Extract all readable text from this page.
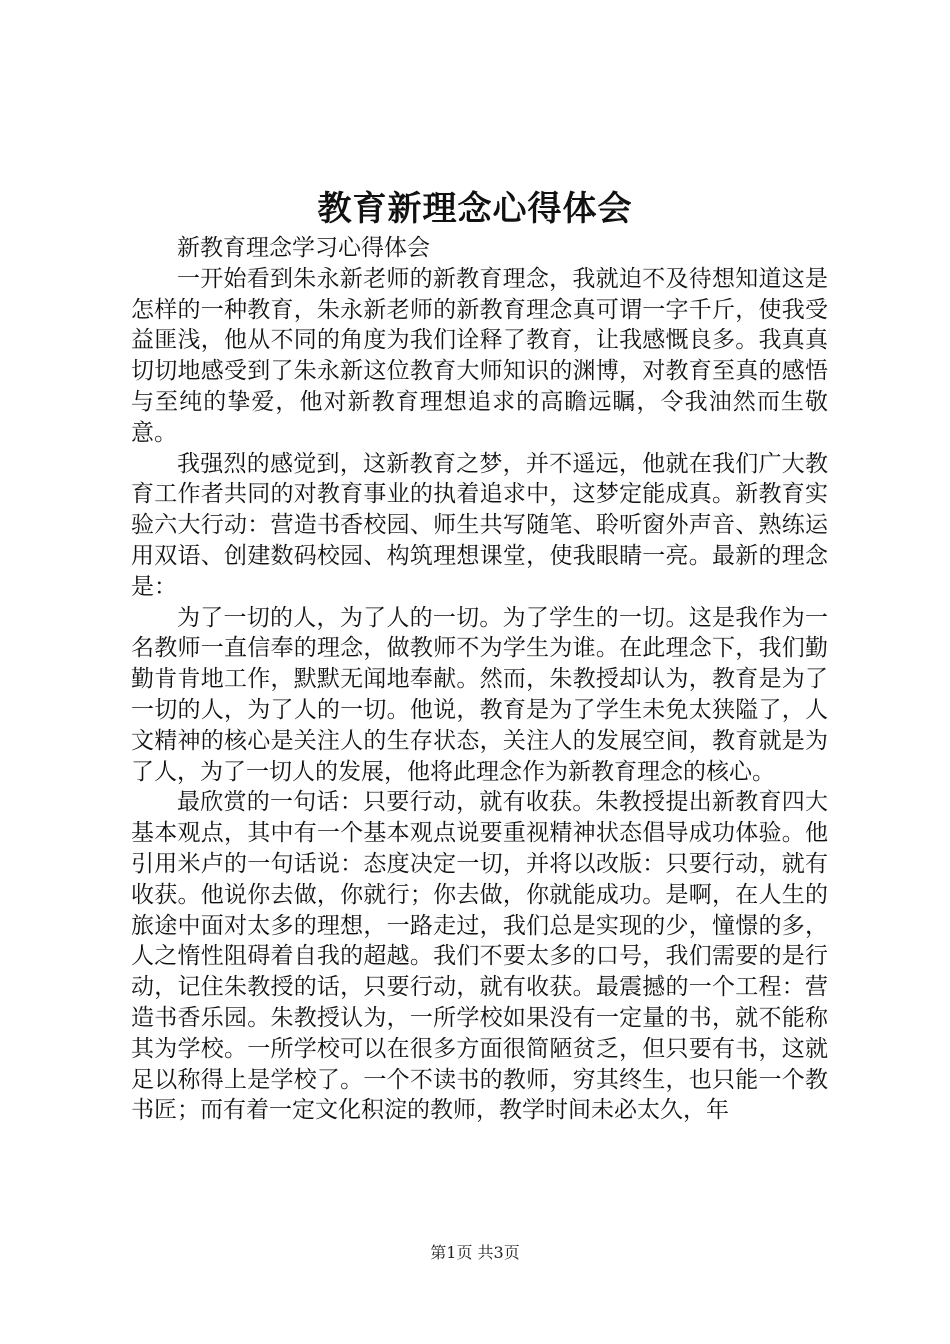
教育新理念心得体会

新教育理念学习心得体会

一开始看到朱永新老师的新教育理念，我就迫不及待想知道这是怎样的一种教育，朱永新老师的新教育理念真可谓一字千斤，使我受益匪浅，他从不同的角度为我们诠释了教育，让我感慨良多。我真真切切地感受到了朱永新这位教育大师知识的渊博，对教育至真的感悟与至纯的挚爱，他对新教育理想追求的高瞻远瞩，令我油然而生敬意。

我强烈的感觉到，这新教育之梦，并不遥远，他就在我们广大教育工作者共同的对教育事业的执着追求中，这梦定能成真。新教育实验六大行动：营造书香校园、师生共写随笔、聆听窗外声音、熟练运用双语、创建数码校园、构筑理想课堂，使我眼睛一亮。最新的理念是：

为了一切的人，为了人的一切。为了学生的一切。这是我作为一名教师一直信奉的理念，做教师不为学生为谁。在此理念下，我们勤勤肯肯地工作，默默无闻地奉献。然而，朱教授却认为，教育是为了一切的人，为了人的一切。他说，教育是为了学生未免太狭隘了，人文精神的核心是关注人的生存状态，关注人的发展空间，教育就是为了人，为了一切人的发展，他将此理念作为新教育理念的核心。

最欣赏的一句话：只要行动，就有收获。朱教授提出新教育四大基本观点，其中有一个基本观点说要重视精神状态倡导成功体验。他引用米卢的一句话说：态度决定一切，并将以改版：只要行动，就有收获。他说你去做，你就行；你去做，你就能成功。是啊，在人生的旅途中面对太多的理想，一路走过，我们总是实现的少，憧憬的多，人之惰性阻碍着自我的超越。我们不要太多的口号，我们需要的是行动，记住朱教授的话，只要行动，就有收获。最震撼的一个工程：营造书香乐园。朱教授认为，一所学校如果没有一定量的书，就不能称其为学校。一所学校可以在很多方面很简陋贫乏，但只要有书，这就足以称得上是学校了。一个不读书的教师，穷其终生，也只能一个教书匠；而有着一定文化积淀的教师，教学时间未必太久，年

第1页 共3页
